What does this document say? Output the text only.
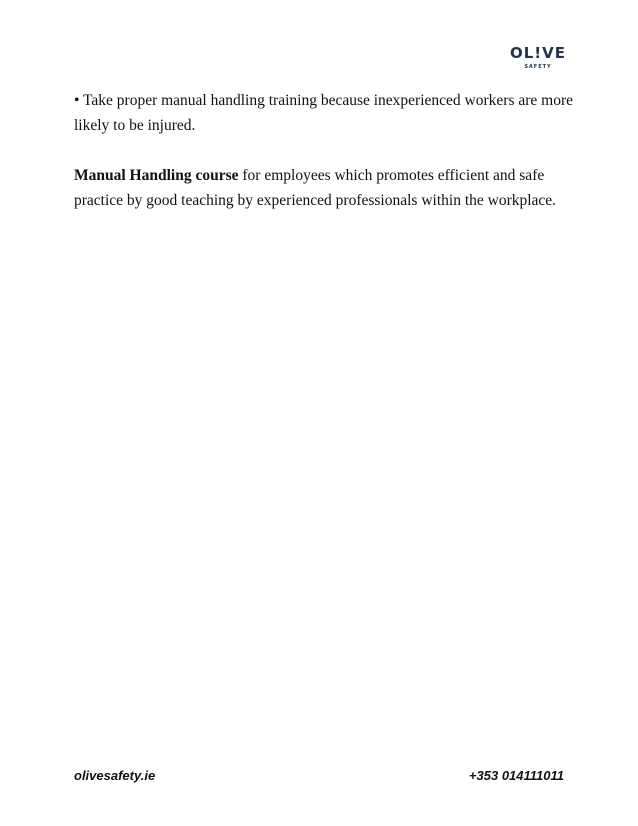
OL!VE
SAFETY

• Take proper manual handling training because inexperienced workers are more likely to be injured.

Manual Handling course for employees which promotes efficient and safe practice by good teaching by experienced professionals within the workplace.

olivesafety.ie	+353 014111011
